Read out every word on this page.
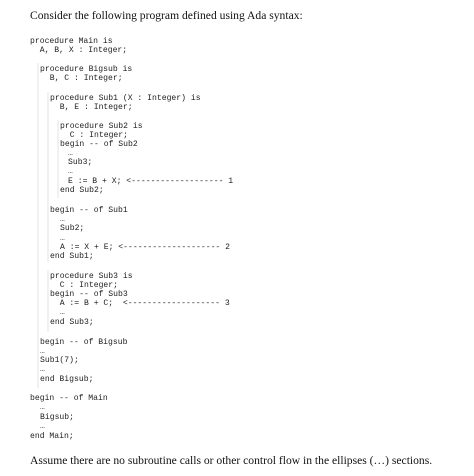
Consider the following program defined using Ada syntax:

procedure Main is
A, B, X : Integer;
procedure Bigsub is
B, C : Integer;
procedure Sub1 (X : Integer) is
B, E : Integer;
procedure Sub2 is
C : Integer;
begin -- of Sub2
…
Sub3;
…
E := B + X; <------------------- 1
end Sub2;
begin -- of Sub1
…
Sub2;
…
A := X + E; <-------------------- 2
end Sub1;
procedure Sub3 is
C : Integer;
begin -- of Sub3
A := B + C;  <------------------- 3
…
end Sub3;
begin -- of Bigsub
…
Sub1(7);
…
end Bigsub;
begin -- of Main
…
Bigsub;
…
end Main;

Assume there are no subroutine calls or other control flow in the ellipses (…) sections.
